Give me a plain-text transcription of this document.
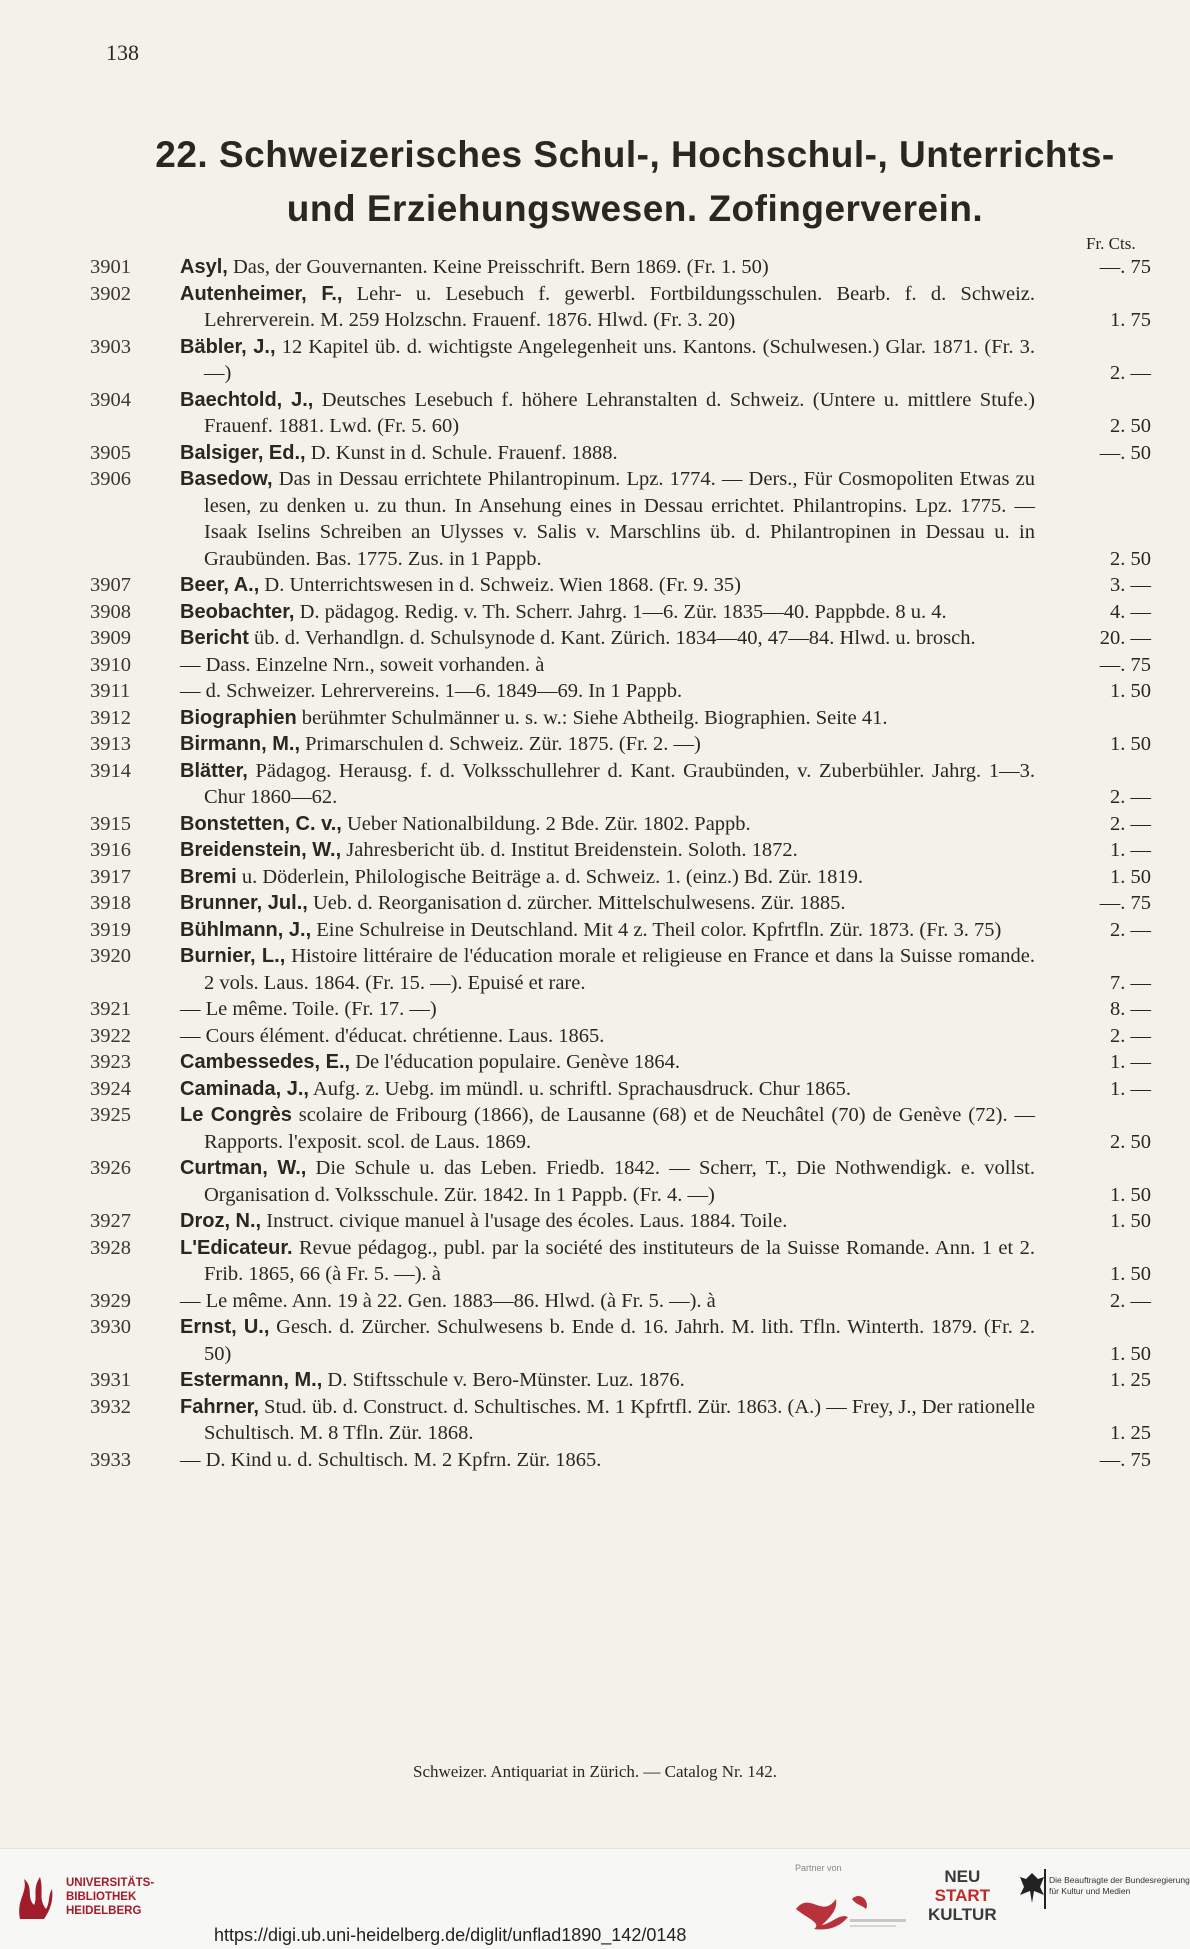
138
22. Schweizerisches Schul-, Hochschul-, Unterrichts-
und Erziehungswesen. Zofingerverein.
Fr. Cts.
3901	Asyl, Das, der Gouvernanten. Keine Preisschrift. Bern 1869. (Fr. 1. 50)	—. 75
3902	Autenheimer, F., Lehr- u. Lesebuch f. gewerbl. Fortbildungsschulen. Bearb. f. d. Schweiz. Lehrerverein. M. 259 Holzschn. Frauenf. 1876. Hlwd. (Fr. 3. 20)	1. 75
3903	Bäbler, J., 12 Kapitel üb. d. wichtigste Angelegenheit uns. Kantons. (Schulwesen.) Glar. 1871. (Fr. 3. —)	2. —
3904	Baechtold, J., Deutsches Lesebuch f. höhere Lehranstalten d. Schweiz. (Untere u. mittlere Stufe.) Frauenf. 1881. Lwd. (Fr. 5. 60)	2. 50
3905	Balsiger, Ed., D. Kunst in d. Schule. Frauenf. 1888.	—. 50
3906	Basedow, Das in Dessau errichtete Philantropinum. Lpz. 1774. — Ders., Für Cosmopoliten Etwas zu lesen, zu denken u. zu thun. In Ansehung eines in Dessau errichtet. Philantropins. Lpz. 1775. — Isaak Iselins Schreiben an Ulysses v. Salis v. Marschlins üb. d. Philantropinen in Dessau u. in Graubünden. Bas. 1775. Zus. in 1 Pappb.	2. 50
3907	Beer, A., D. Unterrichtswesen in d. Schweiz. Wien 1868. (Fr. 9. 35)	3. —
3908	Beobachter, D. pädagog. Redig. v. Th. Scherr. Jahrg. 1—6. Zür. 1835—40. Pappbde. 8 u. 4.	4. —
3909	Bericht üb. d. Verhandlgn. d. Schulsynode d. Kant. Zürich. 1834—40, 47—84. Hlwd. u. brosch.	20. —
3910	— Dass. Einzelne Nrn., soweit vorhanden. à	—. 75
3911	— d. Schweizer. Lehrervereins. 1—6. 1849—69. In 1 Pappb.	1. 50
3912	Biographien berühmter Schulmänner u. s. w.: Siehe Abtheilg. Biographien. Seite 41.
3913	Birmann, M., Primarschulen d. Schweiz. Zür. 1875. (Fr. 2. —)	1. 50
3914	Blätter, Pädagog. Herausg. f. d. Volksschullehrer d. Kant. Graubünden, v. Zuberbühler. Jahrg. 1—3. Chur 1860—62.	2. —
3915	Bonstetten, C. v., Ueber Nationalbildung. 2 Bde. Zür. 1802. Pappb.	2. —
3916	Breidenstein, W., Jahresbericht üb. d. Institut Breidenstein. Soloth. 1872.	1. —
3917	Bremi u. Döderlein, Philologische Beiträge a. d. Schweiz. 1. (einz.) Bd. Zür. 1819.	1. 50
3918	Brunner, Jul., Ueb. d. Reorganisation d. zürcher. Mittelschulwesens. Zür. 1885.	—. 75
3919	Bühlmann, J., Eine Schulreise in Deutschland. Mit 4 z. Theil color. Kpfrtfln. Zür. 1873. (Fr. 3. 75)	2. —
3920	Burnier, L., Histoire littéraire de l'éducation morale et religieuse en France et dans la Suisse romande. 2 vols. Laus. 1864. (Fr. 15. —). Epuisé et rare.	7. —
3921	— Le même. Toile. (Fr. 17. —)	8. —
3922	— Cours élément. d'éducat. chrétienne. Laus. 1865.	2. —
3923	Cambessedes, E., De l'éducation populaire. Genève 1864.	1. —
3924	Caminada, J., Aufg. z. Uebg. im mündl. u. schriftl. Sprachausdruck. Chur 1865.	1. —
3925	Le Congrès scolaire de Fribourg (1866), de Lausanne (68) et de Neuchâtel (70) de Genève (72). — Rapports. l'exposit. scol. de Laus. 1869.	2. 50
3926	Curtman, W., Die Schule u. das Leben. Friedb. 1842. — Scherr, T., Die Nothwendigk. e. vollst. Organisation d. Volksschule. Zür. 1842. In 1 Pappb. (Fr. 4. —)	1. 50
3927	Droz, N., Instruct. civique manuel à l'usage des écoles. Laus. 1884. Toile.	1. 50
3928	L'Edicateur. Revue pédagog., publ. par la société des instituteurs de la Suisse Romande. Ann. 1 et 2. Frib. 1865, 66 (à Fr. 5. —). à	1. 50
3929	— Le même. Ann. 19 à 22. Gen. 1883—86. Hlwd. (à Fr. 5. —). à	2. —
3930	Ernst, U., Gesch. d. Zürcher. Schulwesens b. Ende d. 16. Jahrh. M. lith. Tfln. Winterth. 1879. (Fr. 2. 50)	1. 50
3931	Estermann, M., D. Stiftsschule v. Bero-Münster. Luz. 1876.	1. 25
3932	Fahrner, Stud. üb. d. Construct. d. Schultisches. M. 1 Kpfrtfl. Zür. 1863. (A.) — Frey, J., Der rationelle Schultisch. M. 8 Tfln. Zür. 1868.	1. 25
3933	— D. Kind u. d. Schultisch. M. 2 Kpfrn. Zür. 1865.	—. 75
Schweizer. Antiquariat in Zürich. — Catalog Nr. 142.
UNIVERSITÄTS-
BIBLIOTHEK
HEIDELBERG
Partner von	NEU
START
KULTUR
Die Beauftragte der Bundesregierung
für Kultur und Medien
https://digi.ub.uni-heidelberg.de/diglit/unflad1890_142/0148
